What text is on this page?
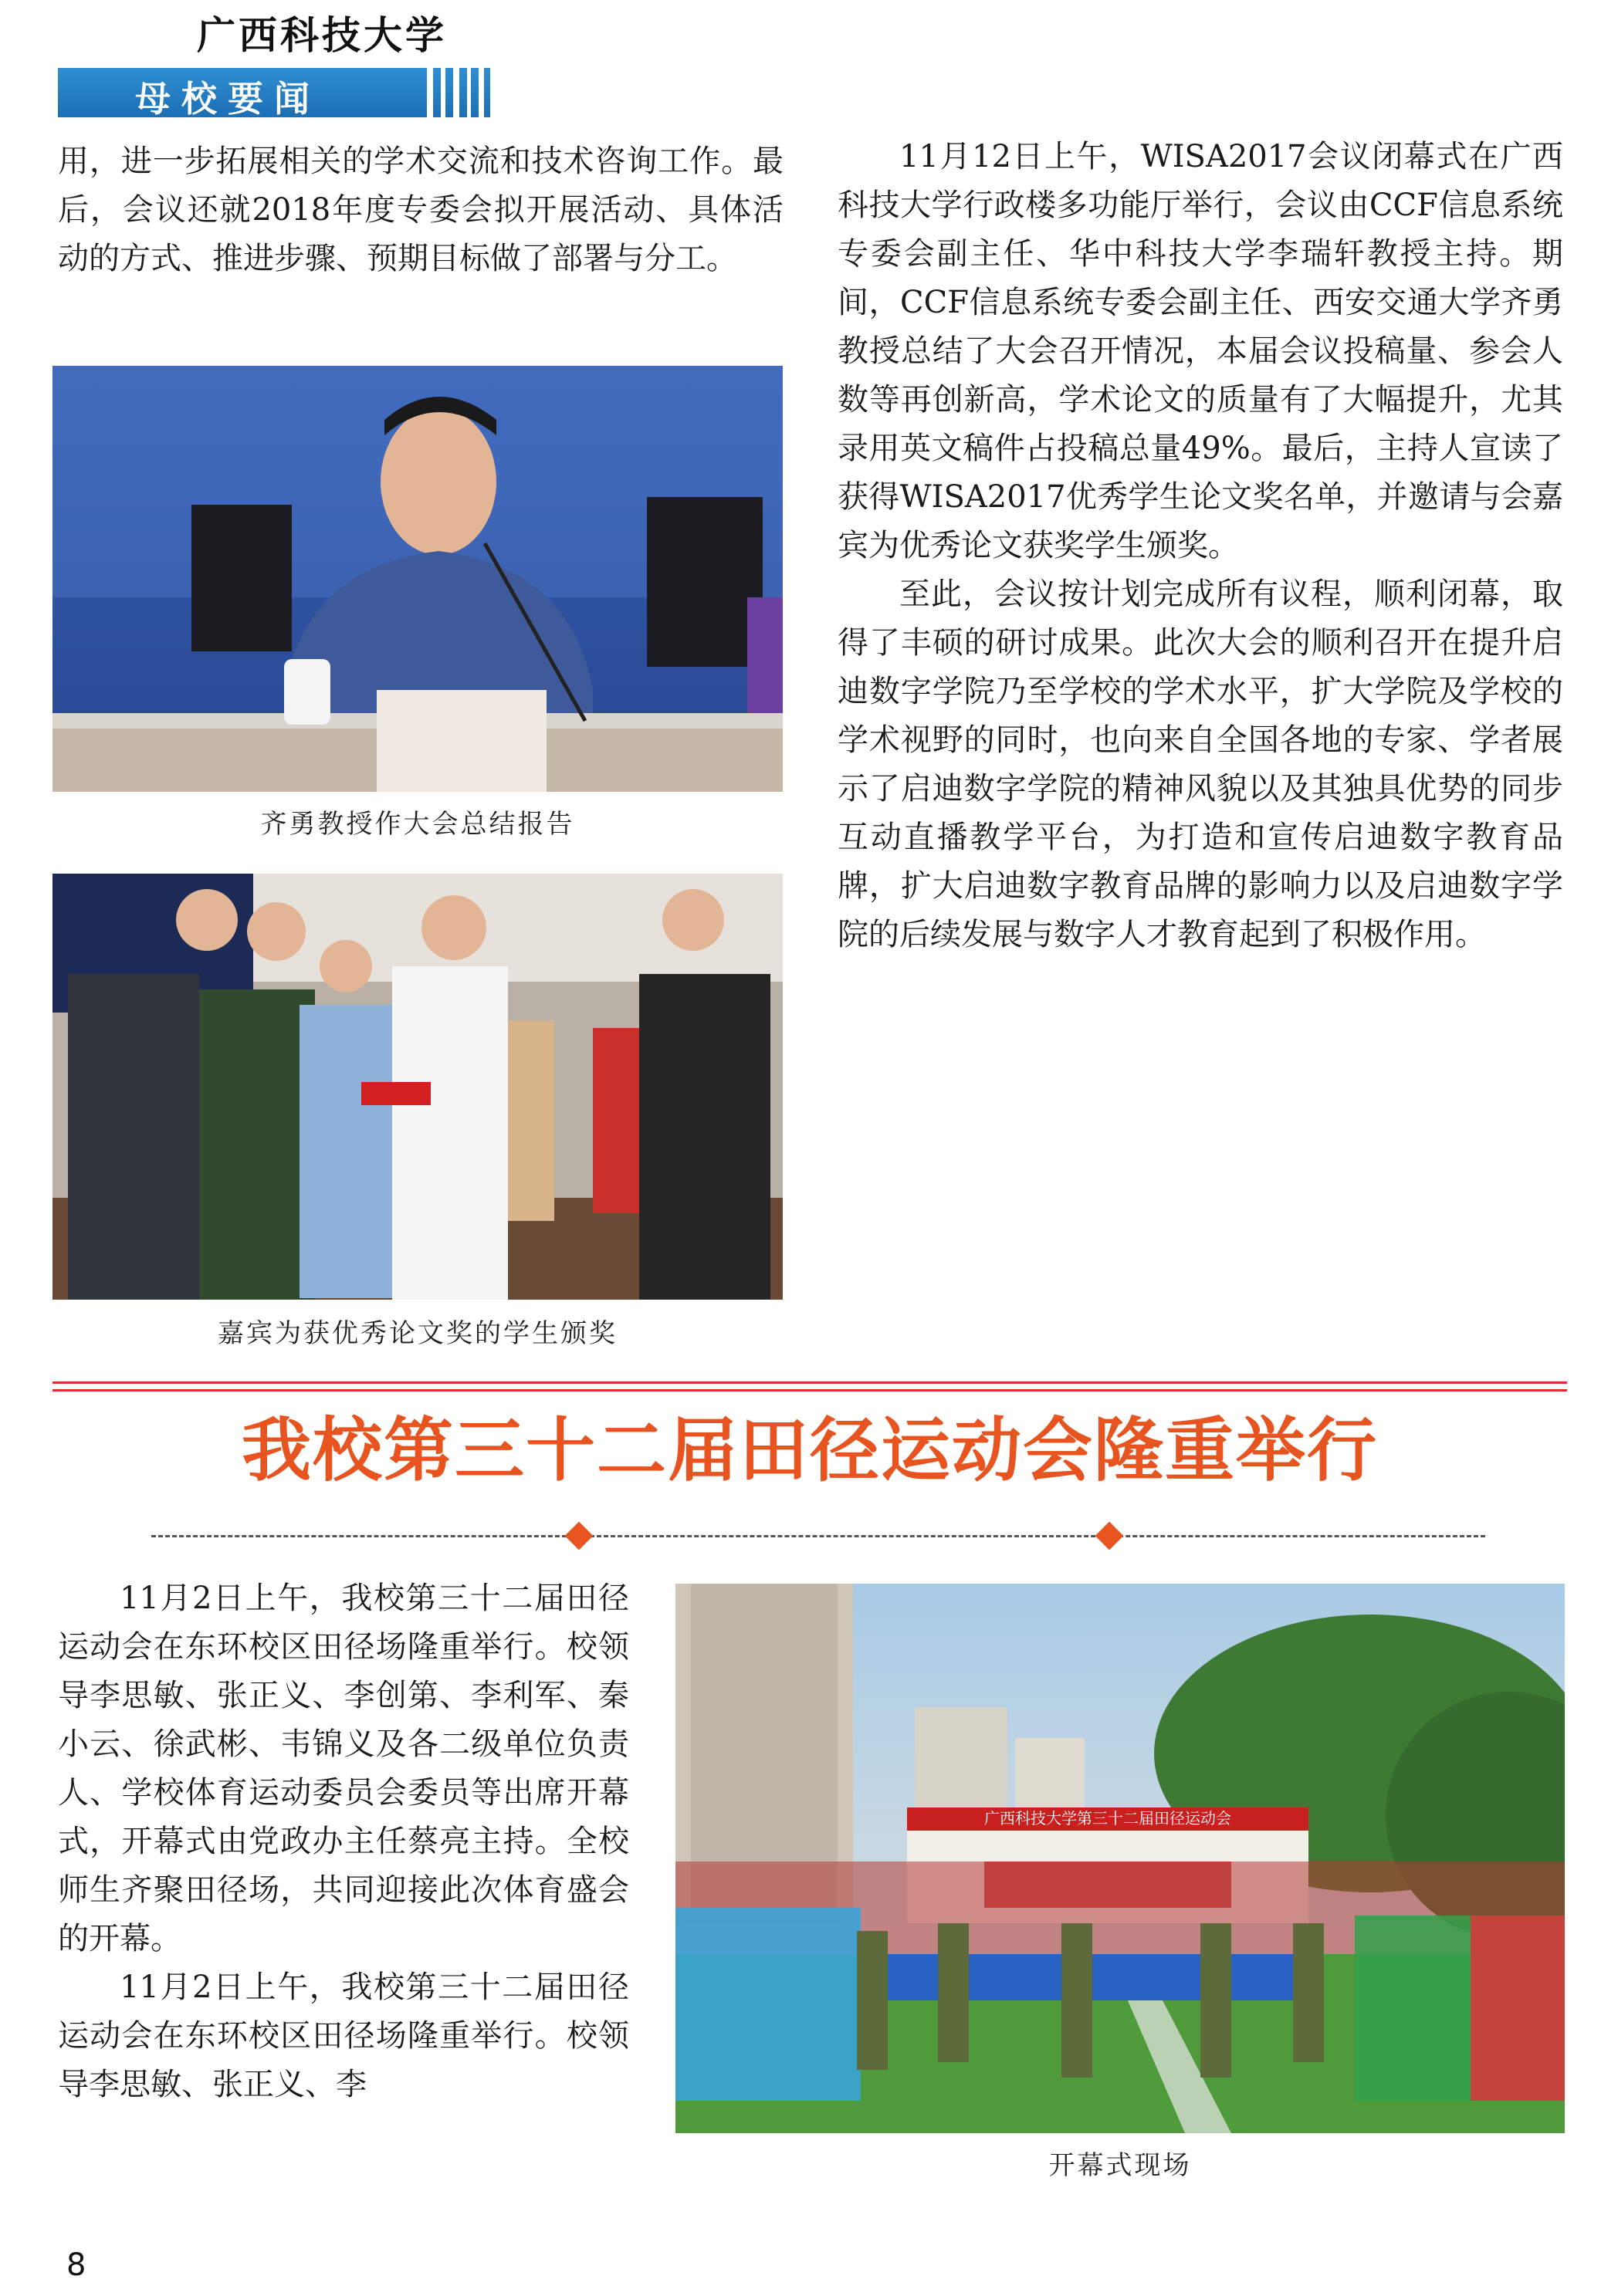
广西科技大学
母校要闻

用，进一步拓展相关的学术交流和技术咨询工作。最后，会议还就2018年度专委会拟开展活动、具体活动的方式、推进步骤、预期目标做了部署与分工。

齐勇教授作大会总结报告
嘉宾为获优秀论文奖的学生颁奖

11月12日上午，WISA2017会议闭幕式在广西科技大学行政楼多功能厅举行，会议由CCF信息系统专委会副主任、华中科技大学李瑞轩教授主持。期间，CCF信息系统专委会副主任、西安交通大学齐勇教授总结了大会召开情况，本届会议投稿量、参会人数等再创新高，学术论文的质量有了大幅提升，尤其录用英文稿件占投稿总量49%。最后，主持人宣读了获得WISA2017优秀学生论文奖名单，并邀请与会嘉宾为优秀论文获奖学生颁奖。

至此，会议按计划完成所有议程，顺利闭幕，取得了丰硕的研讨成果。此次大会的顺利召开在提升启迪数字学院乃至学校的学术水平，扩大学院及学校的学术视野的同时，也向来自全国各地的专家、学者展示了启迪数字学院的精神风貌以及其独具优势的同步互动直播教学平台，为打造和宣传启迪数字教育品牌，扩大启迪数字教育品牌的影响力以及启迪数字学院的后续发展与数字人才教育起到了积极作用。

我校第三十二届田径运动会隆重举行

11月2日上午，我校第三十二届田径运动会在东环校区田径场隆重举行。校领导李思敏、张正义、李创第、李利军、秦小云、徐武彬、韦锦义及各二级单位负责人、学校体育运动委员会委员等出席开幕式，开幕式由党政办主任蔡亮主持。全校师生齐聚田径场，共同迎接此次体育盛会的开幕。

11月2日上午，我校第三十二届田径运动会在东环校区田径场隆重举行。校领导李思敏、张正义、李

广西科技大学第三十二届田径运动会
开幕式现场
8
